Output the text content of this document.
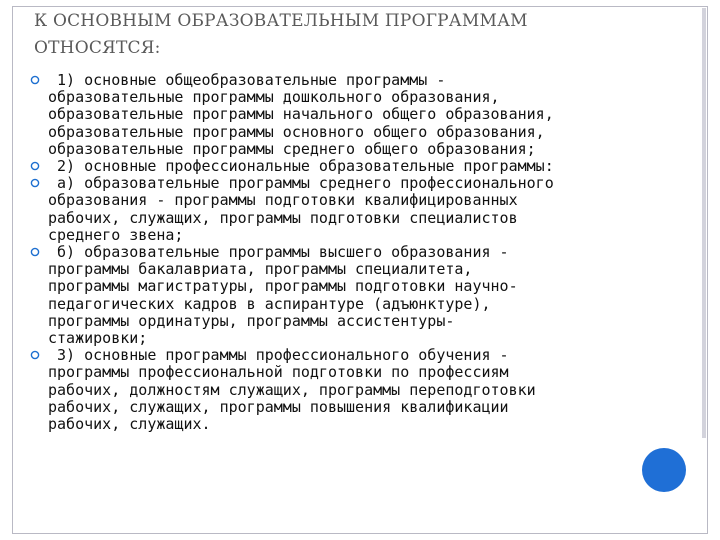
К ОСНОВНЫМ ОБРАЗОВАТЕЛЬНЫМ ПРОГРАММАМ
ОТНОСЯТСЯ:
1) основные общеобразовательные программы -
образовательные программы дошкольного образования,
образовательные программы начального общего образования,
образовательные программы основного общего образования,
образовательные программы среднего общего образования;
2) основные профессиональные образовательные программы:
а) образовательные программы среднего профессионального
образования - программы подготовки квалифицированных
рабочих, служащих, программы подготовки специалистов
среднего звена;
б) образовательные программы высшего образования -
программы бакалавриата, программы специалитета,
программы магистратуры, программы подготовки научно-
педагогических кадров в аспирантуре (адъюнктуре),
программы ординатуры, программы ассистентуры-
стажировки;
3) основные программы профессионального обучения -
программы профессиональной подготовки по профессиям
рабочих, должностям служащих, программы переподготовки
рабочих, служащих, программы повышения квалификации
рабочих, служащих.
